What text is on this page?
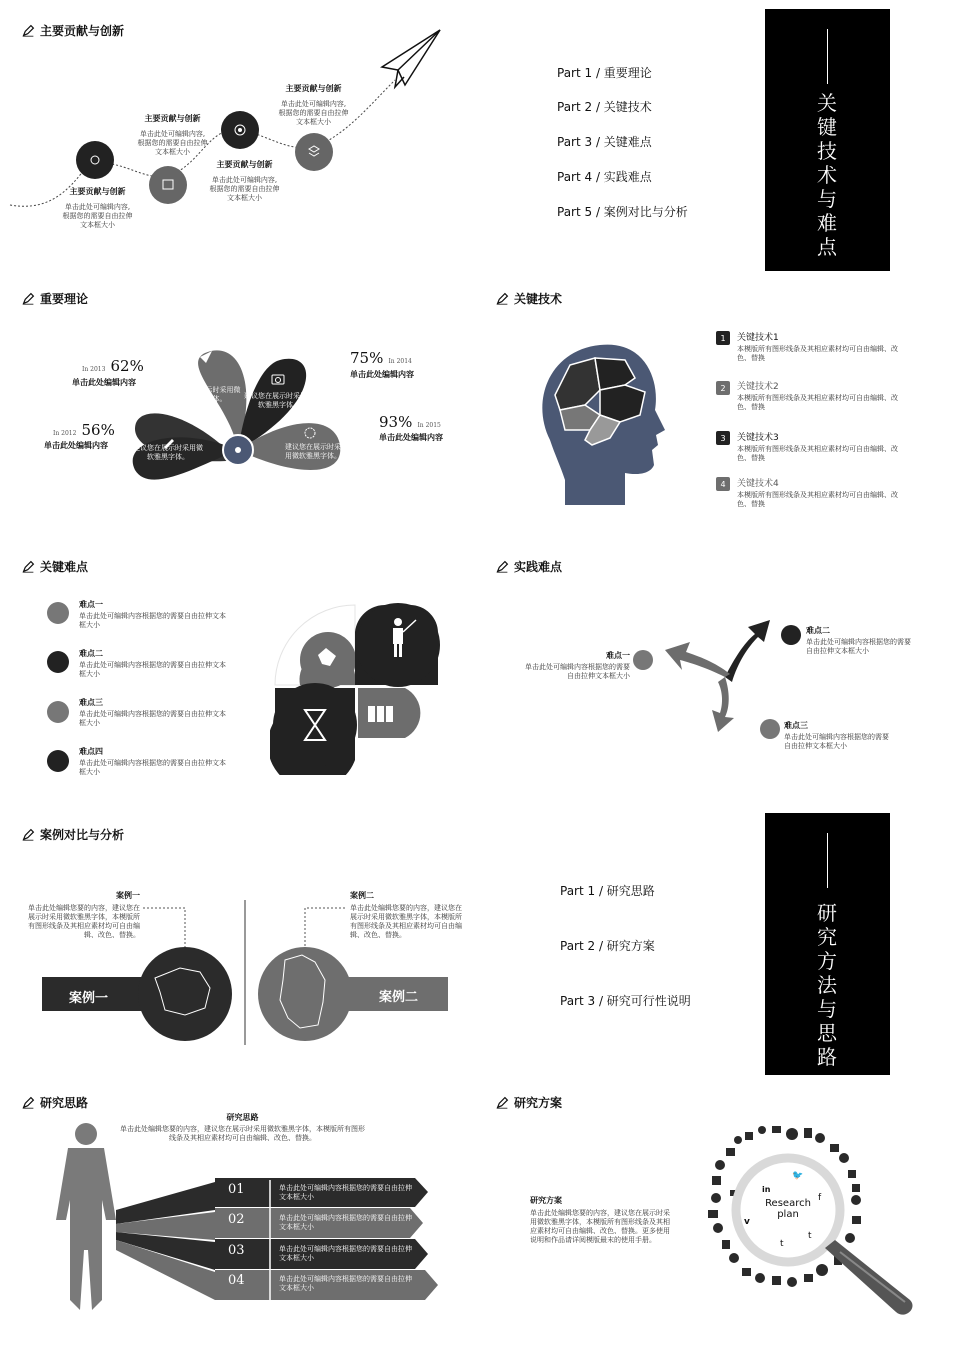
主要贡献与创新
主要贡献与创新
单击此处可编辑内容,
根据您的需要自由拉伸
文本框大小
主要贡献与创新
单击此处可编辑内容,
根据您的需要自由拉伸
文本框大小
主要贡献与创新
单击此处可编辑内容,
根据您的需要自由拉伸
文本框大小
主要贡献与创新
单击此处可编辑内容,
根据您的需要自由拉伸
文本框大小
Part 1 / 重要理论
Part 2 / 关键技术
Part 3 / 关键难点
Part 4 / 实践难点
Part 5 / 案例对比与分析
关键技术与难点
重要理论
建议您在展示时采用微软雅黑字体。	建议您在展示时采用微软雅黑字体。
建议您在展示时采用微软雅黑字体。
建议您在展示时采用微软雅黑字体。
In 2013 62%
单击此处编辑内容
In 2012 56%
单击此处编辑内容
75% In 2014
单击此处编辑内容
93% In 2015
单击此处编辑内容
关键技术
1	关键技术1
本模版所有图形线条及其相应素材均可自由编辑、改色、替换
2	关键技术2
本模版所有图形线条及其相应素材均可自由编辑、改色、替换
3	关键技术3
本模版所有图形线条及其相应素材均可自由编辑、改色、替换
4	关键技术4
本模版所有图形线条及其相应素材均可自由编辑、改色、替换
关键难点
难点一
单击此处可编辑内容根据您的需要自由拉伸文本框大小
难点二
单击此处可编辑内容根据您的需要自由拉伸文本框大小
难点三
单击此处可编辑内容根据您的需要自由拉伸文本框大小
难点四
单击此处可编辑内容根据您的需要自由拉伸文本框大小
实践难点
难点一
单击此处可编辑内容根据您的需要自由拉伸文本框大小
难点二
单击此处可编辑内容根据您的需要自由拉伸文本框大小
难点三
单击此处可编辑内容根据您的需要自由拉伸文本框大小
案例对比与分析
案例一
单击此处编辑您要的内容，建议您在展示时采用微软雅黑字体，本模版所有图形线条及其相应素材均可自由编辑、改色、替换。
案例二
单击此处编辑您要的内容，建议您在展示时采用微软雅黑字体，本模版所有图形线条及其相应素材均可自由编辑、改色、替换。
案例一	案例二
Part 1 / 研究思路
Part 2 / 研究方案
Part 3 / 研究可行性说明
研究方法与思路
研究思路
研究思路
单击此处编辑您要的内容，建议您在展示时采用微软雅黑字体，本模版所有图形线条及其相应素材均可自由编辑、改色、替换。
01	单击此处可编辑内容根据您的需要自由拉伸文本框大小
02	单击此处可编辑内容根据您的需要自由拉伸文本框大小
03	单击此处可编辑内容根据您的需要自由拉伸文本框大小
04	单击此处可编辑内容根据您的需要自由拉伸文本框大小
研究方案
研究方案
单击此处编辑您要的内容，建议您在展示时采用微软雅黑字体，本模版所有图形线条及其相应素材均可自由编辑、改色、替换。更多使用说明和作品请详阅模版最末的使用手册。
in
🐦
f
v
t
t
Research plan
